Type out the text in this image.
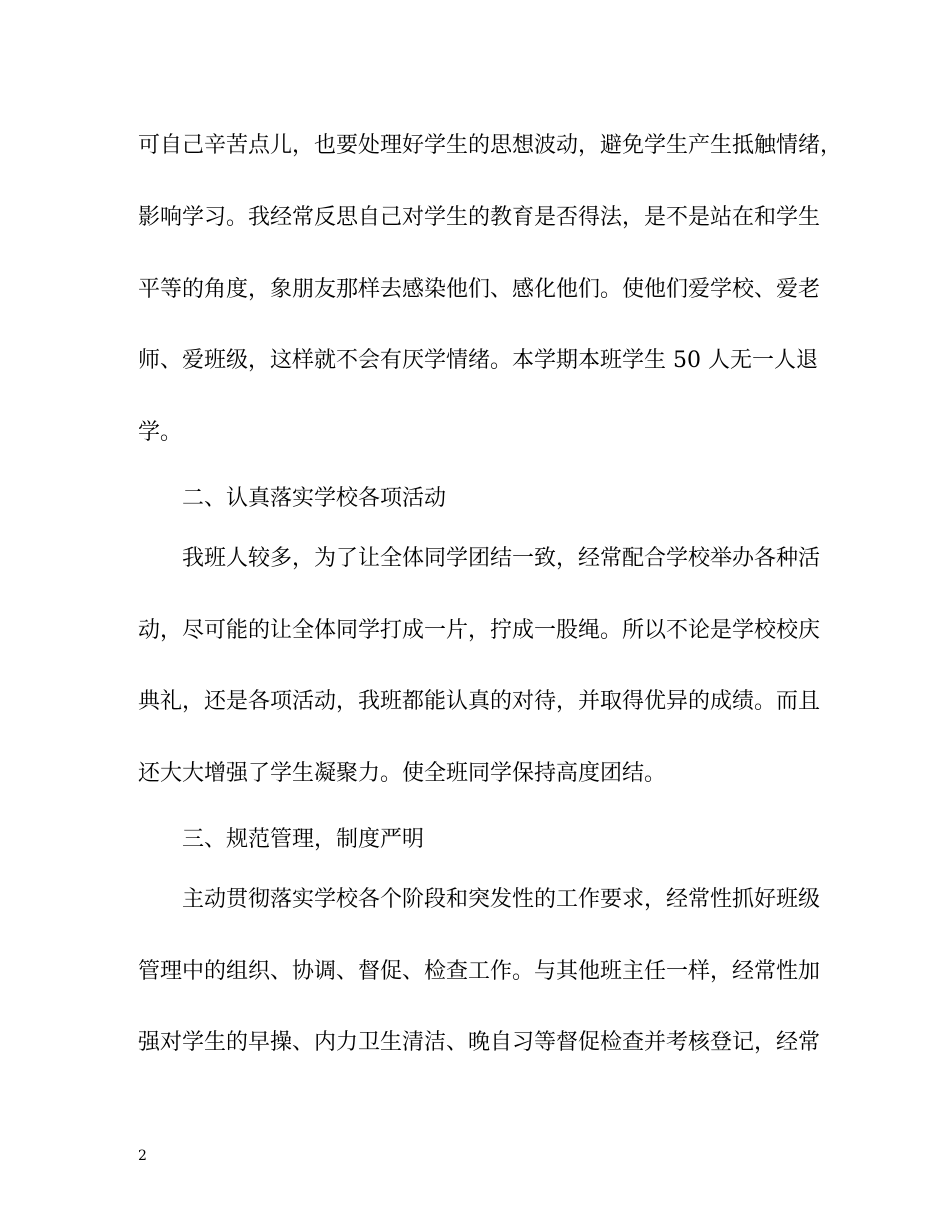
可自己辛苦点儿，也要处理好学生的思想波动，避免学生产生抵触情绪，
影响学习。我经常反思自己对学生的教育是否得法，是不是站在和学生
平等的角度，象朋友那样去感染他们、感化他们。使他们爱学校、爱老
师、爱班级，这样就不会有厌学情绪。本学期本班学生 50 人无一人退
学。
二、认真落实学校各项活动
我班人较多，为了让全体同学团结一致，经常配合学校举办各种活
动，尽可能的让全体同学打成一片，拧成一股绳。所以不论是学校校庆
典礼，还是各项活动，我班都能认真的对待，并取得优异的成绩。而且
还大大增强了学生凝聚力。使全班同学保持高度团结。
三、规范管理，制度严明
主动贯彻落实学校各个阶段和突发性的工作要求，经常性抓好班级
管理中的组织、协调、督促、检查工作。与其他班主任一样，经常性加
强对学生的早操、内力卫生清洁、晚自习等督促检查并考核登记，经常
2
